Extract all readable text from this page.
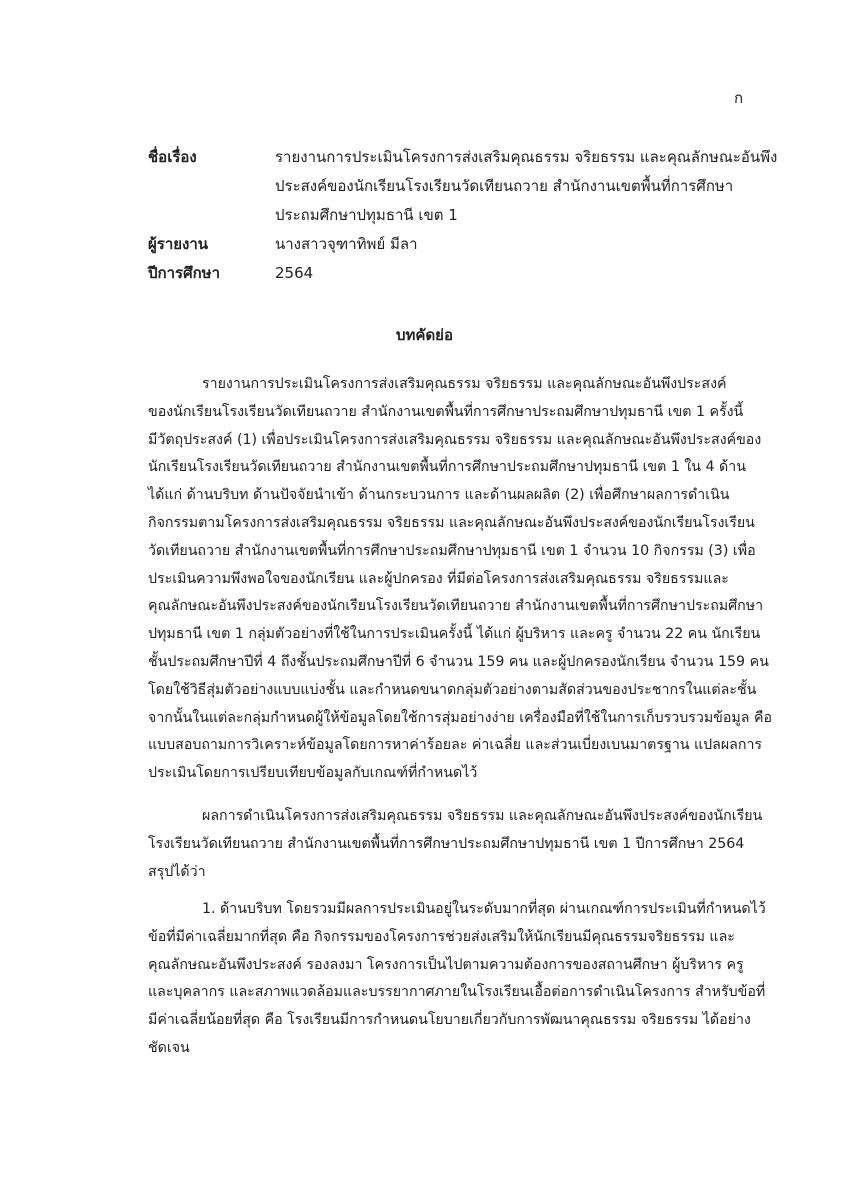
ก
ชื่อเรื่อง	รายงานการประเมินโครงการส่งเสริมคุณธรรม จริยธรรม และคุณลักษณะอันพึง
ประสงค์ของนักเรียนโรงเรียนวัดเทียนถวาย สำนักงานเขตพื้นที่การศึกษา
ประถมศึกษาปทุมธานี เขต 1
ผู้รายงาน	นางสาวจุฑาทิพย์ มีลา
ปีการศึกษา	2564
บทคัดย่อ
รายงานการประเมินโครงการส่งเสริมคุณธรรม จริยธรรม และคุณลักษณะอันพึงประสงค์
ของนักเรียนโรงเรียนวัดเทียนถวาย สำนักงานเขตพื้นที่การศึกษาประถมศึกษาปทุมธานี เขต 1 ครั้งนี้
มีวัตถุประสงค์ (1) เพื่อประเมินโครงการส่งเสริมคุณธรรม จริยธรรม และคุณลักษณะอันพึงประสงค์ของ
นักเรียนโรงเรียนวัดเทียนถวาย สำนักงานเขตพื้นที่การศึกษาประถมศึกษาปทุมธานี เขต 1 ใน 4 ด้าน
ได้แก่ ด้านบริบท ด้านปัจจัยนำเข้า ด้านกระบวนการ และด้านผลผลิต (2) เพื่อศึกษาผลการดำเนิน
กิจกรรมตามโครงการส่งเสริมคุณธรรม จริยธรรม และคุณลักษณะอันพึงประสงค์ของนักเรียนโรงเรียน
วัดเทียนถวาย สำนักงานเขตพื้นที่การศึกษาประถมศึกษาปทุมธานี เขต 1 จำนวน 10 กิจกรรม (3) เพื่อ
ประเมินความพึงพอใจของนักเรียน และผู้ปกครอง ที่มีต่อโครงการส่งเสริมคุณธรรม จริยธรรมและ
คุณลักษณะอันพึงประสงค์ของนักเรียนโรงเรียนวัดเทียนถวาย สำนักงานเขตพื้นที่การศึกษาประถมศึกษา
ปทุมธานี เขต 1 กลุ่มตัวอย่างที่ใช้ในการประเมินครั้งนี้ ได้แก่ ผู้บริหาร และครู จำนวน 22 คน นักเรียน
ชั้นประถมศึกษาปีที่ 4 ถึงชั้นประถมศึกษาปีที่ 6 จำนวน 159 คน และผู้ปกครองนักเรียน จำนวน 159 คน
โดยใช้วิธีสุ่มตัวอย่างแบบแบ่งชั้น และกำหนดขนาดกลุ่มตัวอย่างตามสัดส่วนของประชากรในแต่ละชั้น
จากนั้นในแต่ละกลุ่มกำหนดผู้ให้ข้อมูลโดยใช้การสุ่มอย่างง่าย เครื่องมือที่ใช้ในการเก็บรวบรวมข้อมูล คือ
แบบสอบถามการวิเคราะห์ข้อมูลโดยการหาค่าร้อยละ ค่าเฉลี่ย และส่วนเบี่ยงเบนมาตรฐาน แปลผลการ
ประเมินโดยการเปรียบเทียบข้อมูลกับเกณฑ์ที่กำหนดไว้
ผลการดำเนินโครงการส่งเสริมคุณธรรม จริยธรรม และคุณลักษณะอันพึงประสงค์ของนักเรียน
โรงเรียนวัดเทียนถวาย สำนักงานเขตพื้นที่การศึกษาประถมศึกษาปทุมธานี เขต 1 ปีการศึกษา 2564
สรุปได้ว่า
1. ด้านบริบท โดยรวมมีผลการประเมินอยู่ในระดับมากที่สุด ผ่านเกณฑ์การประเมินที่กำหนดไว้
ข้อที่มีค่าเฉลี่ยมากที่สุด คือ กิจกรรมของโครงการช่วยส่งเสริมให้นักเรียนมีคุณธรรมจริยธรรม และ
คุณลักษณะอันพึงประสงค์ รองลงมา โครงการเป็นไปตามความต้องการของสถานศึกษา ผู้บริหาร ครู
และบุคลากร และสภาพแวดล้อมและบรรยากาศภายในโรงเรียนเอื้อต่อการดำเนินโครงการ สำหรับข้อที่
มีค่าเฉลี่ยน้อยที่สุด คือ โรงเรียนมีการกำหนดนโยบายเกี่ยวกับการพัฒนาคุณธรรม จริยธรรม ได้อย่าง
ชัดเจน
